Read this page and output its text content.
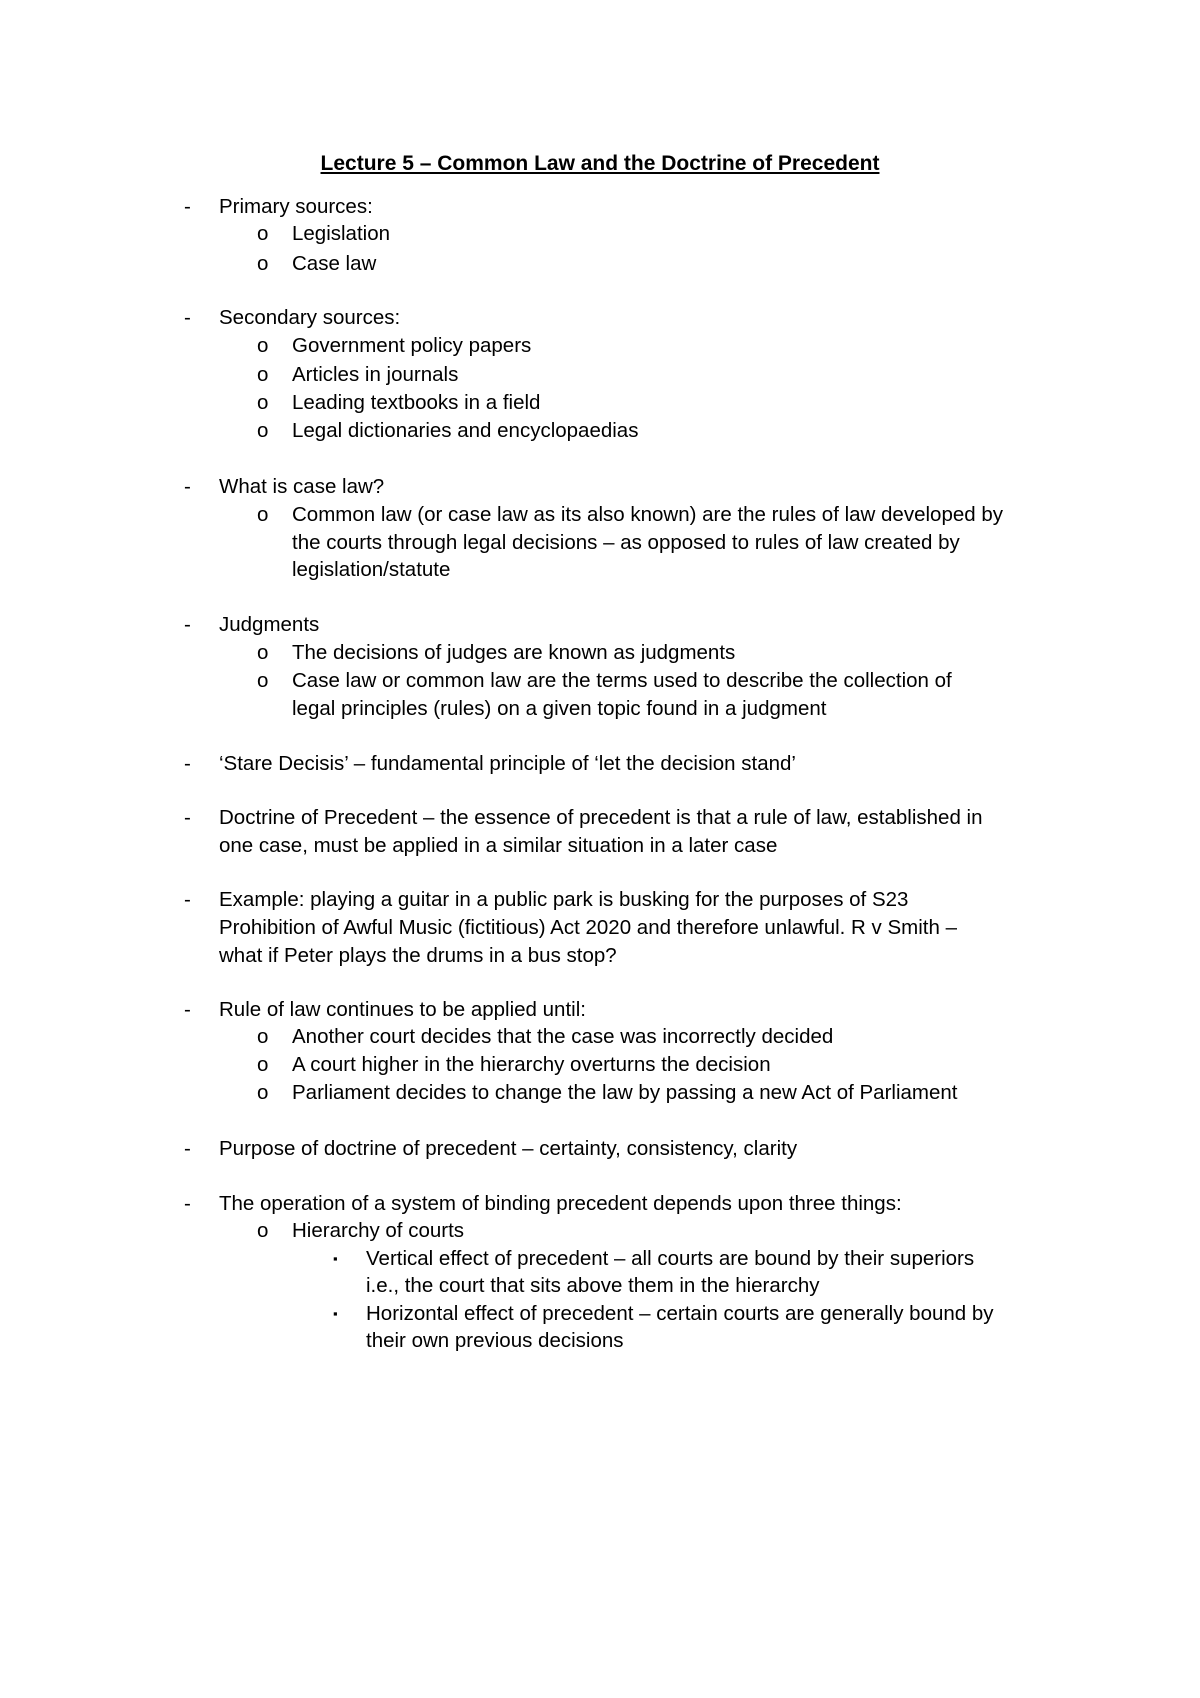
Lecture 5 – Common Law and the Doctrine of Precedent
- Primary sources:
o Legislation
o Case law
- Secondary sources:
o Government policy papers
o Articles in journals
o Leading textbooks in a field
o Legal dictionaries and encyclopaedias
- What is case law?
o Common law (or case law as its also known) are the rules of law developed by
the courts through legal decisions – as opposed to rules of law created by
legislation/statute
- Judgments
o The decisions of judges are known as judgments
o Case law or common law are the terms used to describe the collection of
legal principles (rules) on a given topic found in a judgment
- ‘Stare Decisis’ – fundamental principle of ‘let the decision stand’
- Doctrine of Precedent – the essence of precedent is that a rule of law, established in
one case, must be applied in a similar situation in a later case
- Example: playing a guitar in a public park is busking for the purposes of S23
Prohibition of Awful Music (fictitious) Act 2020 and therefore unlawful. R v Smith –
what if Peter plays the drums in a bus stop?
- Rule of law continues to be applied until:
o Another court decides that the case was incorrectly decided
o A court higher in the hierarchy overturns the decision
o Parliament decides to change the law by passing a new Act of Parliament
- Purpose of doctrine of precedent – certainty, consistency, clarity
- The operation of a system of binding precedent depends upon three things:
o Hierarchy of courts
▪ Vertical effect of precedent – all courts are bound by their superiors
i.e., the court that sits above them in the hierarchy
▪ Horizontal effect of precedent – certain courts are generally bound by
their own previous decisions
